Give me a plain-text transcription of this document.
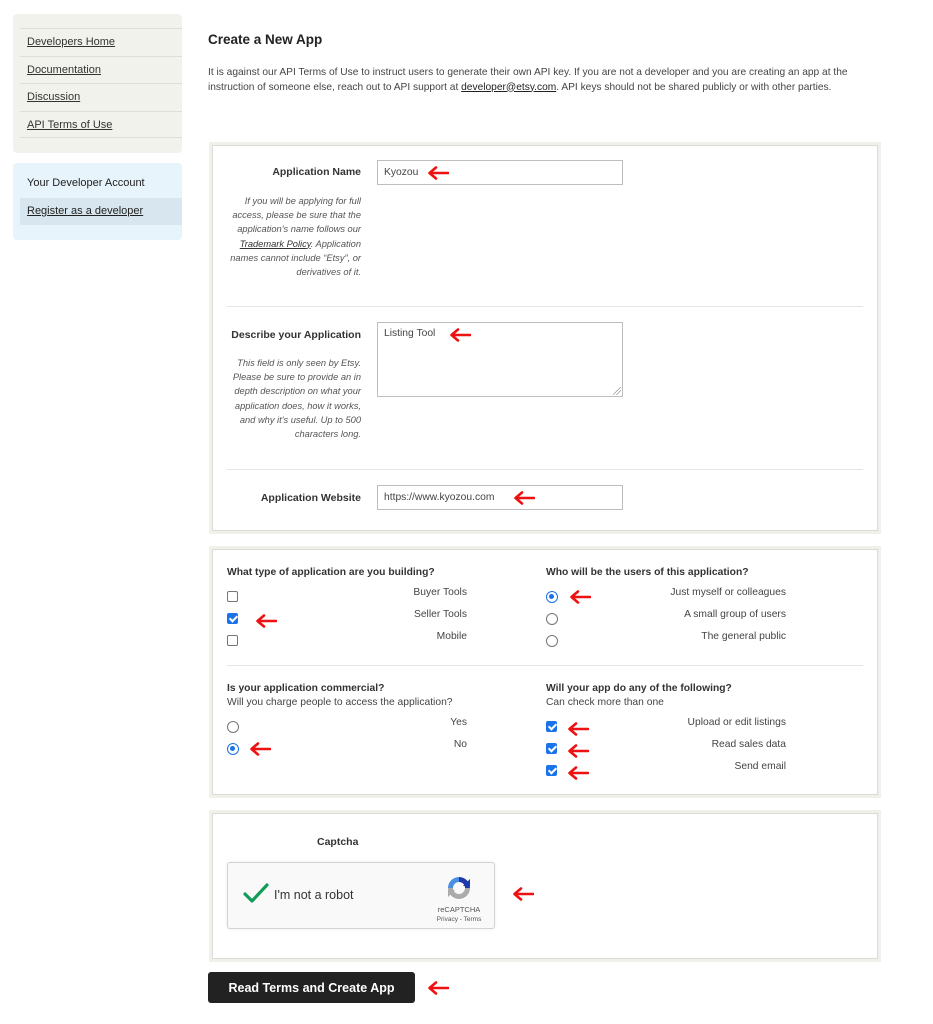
Developers Home
Documentation
Discussion
API Terms of Use
Your Developer Account
Register as a developer
Create a New App

It is against our API Terms of Use to instruct users to generate their own API key. If you are not a developer and you are creating an app at the instruction of someone else, reach out to API support at developer@etsy.com. API keys should not be shared publicly or with other parties.

Application Name	Kyozou
If you will be applying for full access, please be sure that the application's name follows our Trademark Policy. Application names cannot include “Etsy”, or derivatives of it.
Describe your Application	Listing Tool
This field is only seen by Etsy. Please be sure to provide an in depth description on what your application does, how it works, and why it's useful. Up to 500 characters long.
Application Website	https://www.kyozou.com
What type of application are you building?
Buyer Tools
Seller Tools
Mobile
Who will be the users of this application?
Just myself or colleagues
A small group of users
The general public
Is your application commercial?
Will you charge people to access the application?
Yes
No
Will your app do any of the following?
Can check more than one
Upload or edit listings
Read sales data
Send email
Captcha
I'm not a robot
reCAPTCHA
Privacy - Terms
Read Terms and Create App
